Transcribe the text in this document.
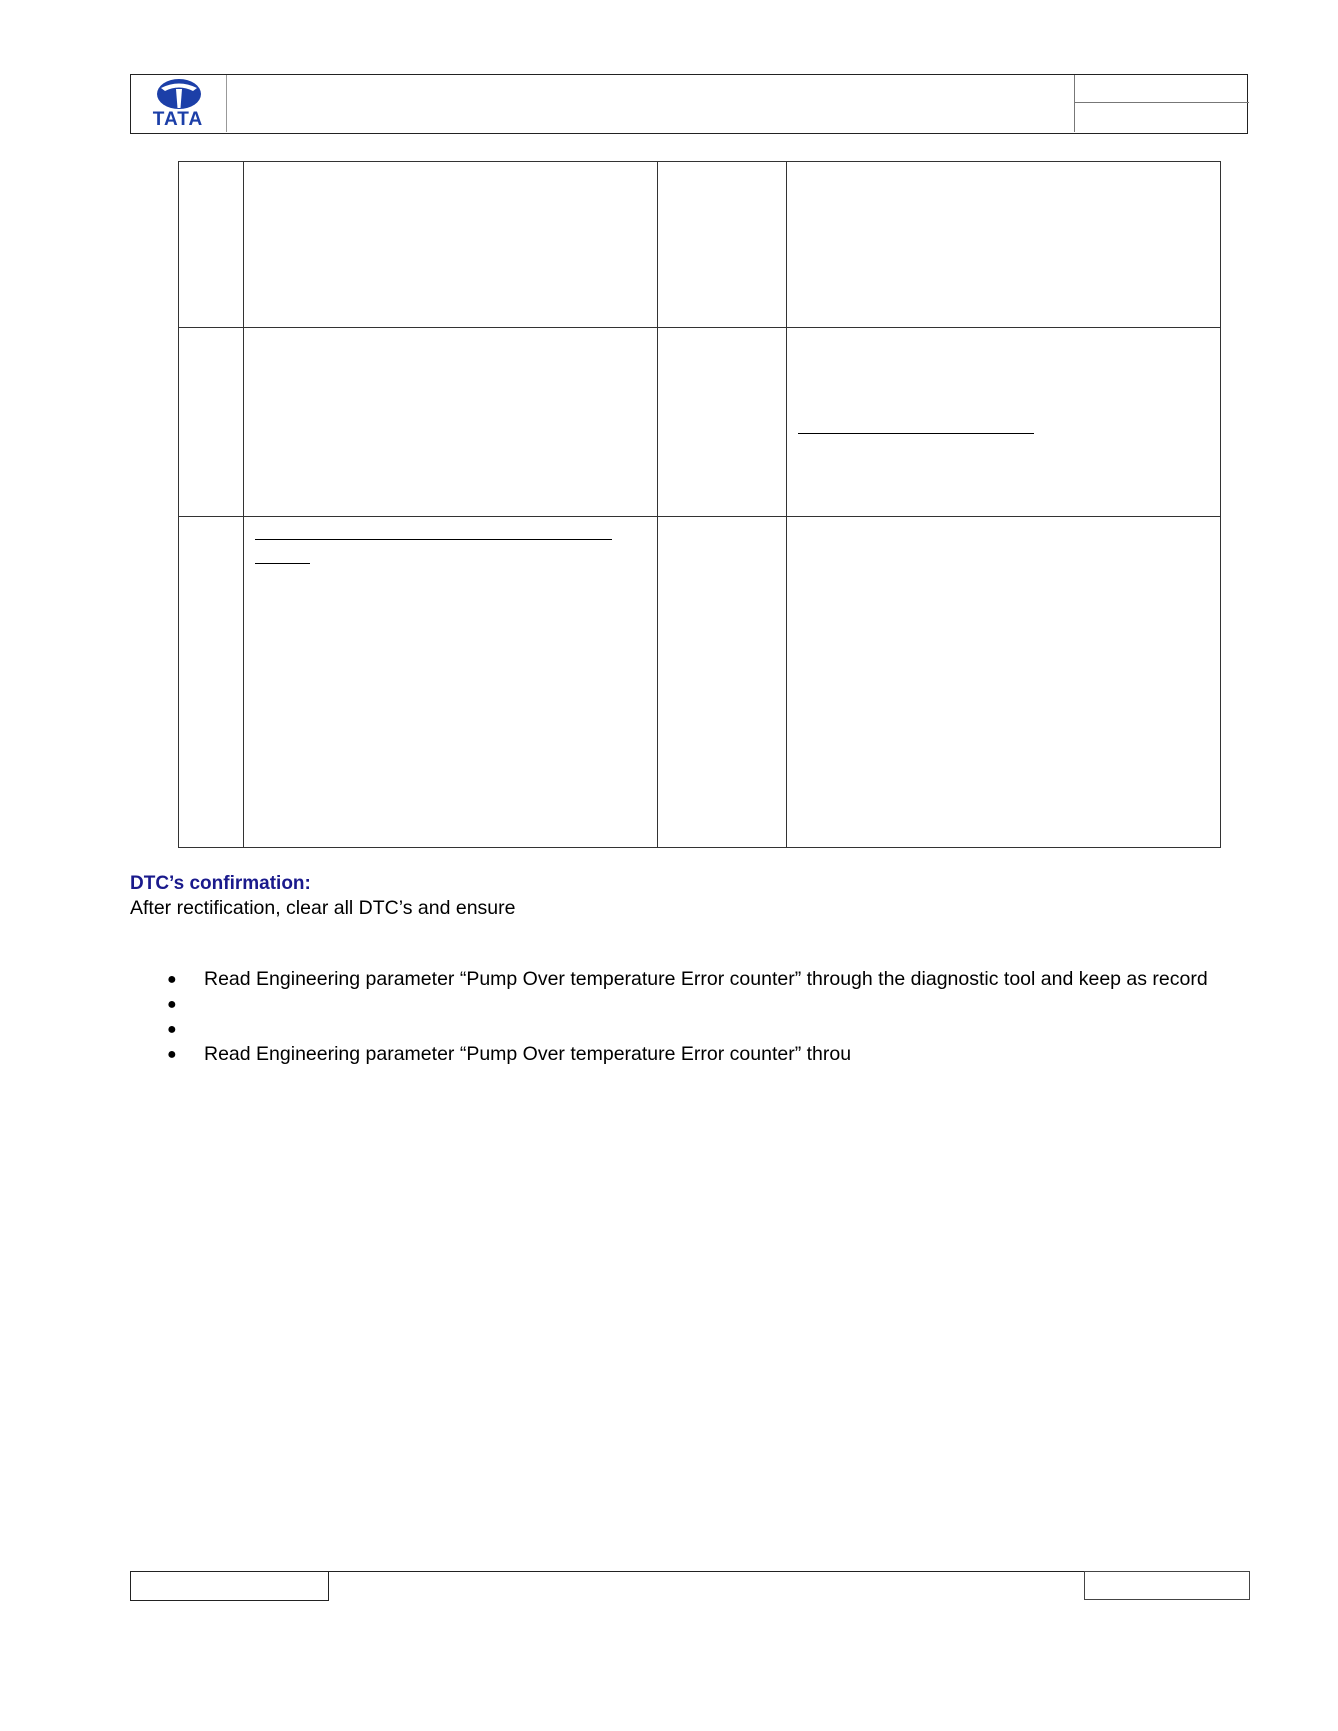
TATA
DTC’s confirmation:
After rectification, clear all DTC’s and ensure
● Read Engineering parameter “Pump Over temperature Error counter” through the diagnostic tool and keep as record
●
●
● Read Engineering parameter “Pump Over temperature Error counter” throu
